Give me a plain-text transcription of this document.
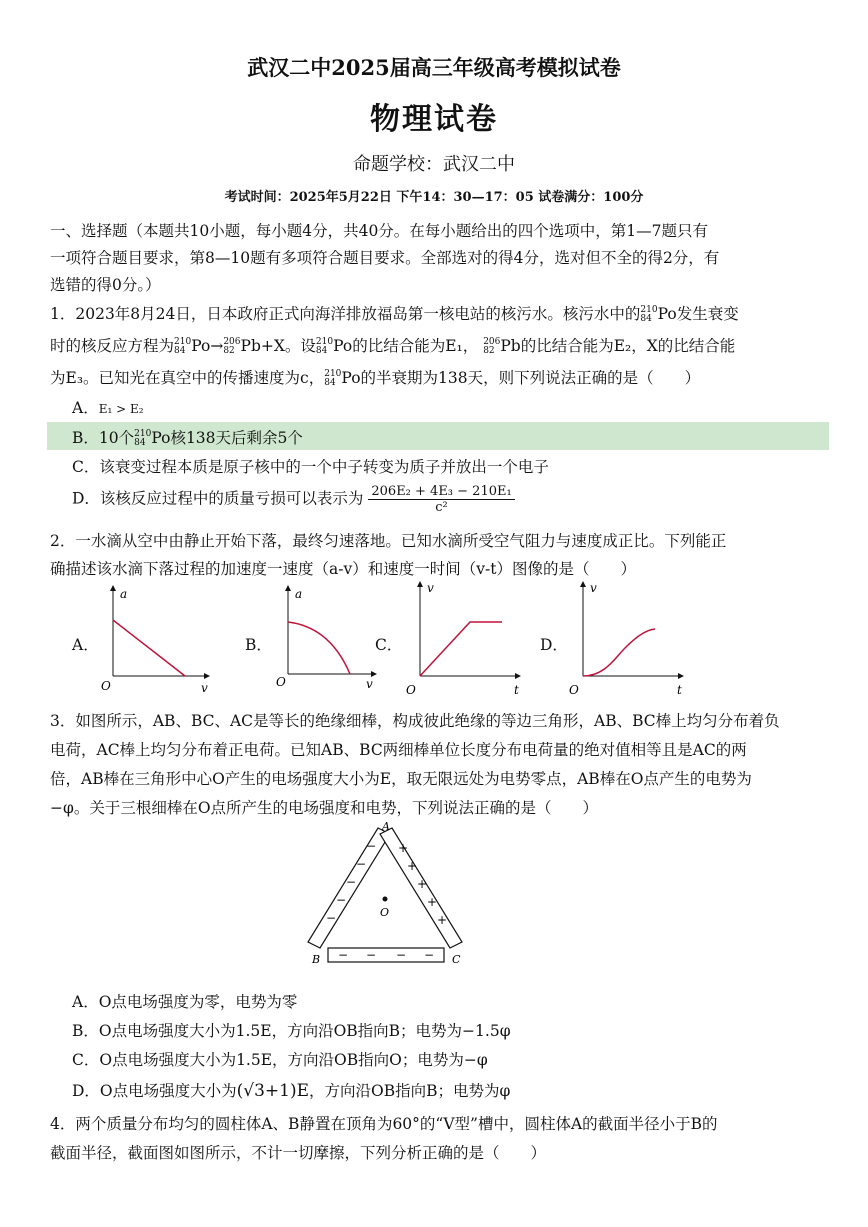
武汉二中2025届高三年级高考模拟试卷
物理试卷
命题学校：武汉二中
考试时间：2025年5月22日 下午14：30—17：05 试卷满分：100分
一、选择题（本题共10小题，每小题4分，共40分。在每小题给出的四个选项中，第1—7题只有
一项符合题目要求，第8—10题有多项符合题目要求。全部选对的得4分，选对但不全的得2分，有
选错的得0分。）
1．2023年8月24日，日本政府正式向海洋排放福岛第一核电站的核污水。核污水中的 210
84 Po发生衰变
时的核反应方程为 210
84 Po→ 206
82 Pb+X。设 210
84 Po的比结合能为E₁， 206
82 Pb的比结合能为E₂，X的比结合能
为E₃。已知光在真空中的传播速度为c， 210
84 Po的半衰期为138天，则下列说法正确的是（　　）
A．E₁ > E₂
B．10个 210
84 Po核138天后剩余5个
C．该衰变过程本质是原子核中的一个中子转变为质子并放出一个电子
D．该核反应过程中的质量亏损可以表示为 $\frac{\text{206E₂ + 4E₃ − 210E₁}}{\text{c²}}$
2．一水滴从空中由静止开始下落，最终匀速落地。已知水滴所受空气阻力与速度成正比。下列能正
确描述该水滴下落过程的加速度一速度（a-v）和速度一时间（v-t）图像的是（　　）
A．	B．	C．	D．
a
v
O
a
v
O
v
t
O
v
t
O
3．如图所示，AB、BC、AC是等长的绝缘细棒，构成彼此绝缘的等边三角形，AB、BC棒上均匀分布着负
电荷，AC棒上均匀分布着正电荷。已知AB、BC两细棒单位长度分布电荷量的绝对值相等且是AC的两
倍，AB棒在三角形中心O产生的电场强度大小为E，取无限远处为电势零点，AB棒在O点产生的电势为
−φ。关于三根细棒在O点所产生的电场强度和电势，下列说法正确的是（　　）
−
−
−
−
−
+
+
+
+
+
− − − −
O
A
B	C
A．O点电场强度为零，电势为零
B．O点电场强度大小为1.5E，方向沿OB指向B；电势为−1.5φ
C．O点电场强度大小为1.5E，方向沿OB指向O；电势为−φ
D．O点电场强度大小为(√3+1)E，方向沿OB指向B；电势为φ
4．两个质量分布均匀的圆柱体A、B静置在顶角为60°的“V型”槽中，圆柱体A的截面半径小于B的
截面半径，截面图如图所示，不计一切摩擦，下列分析正确的是（　　）
